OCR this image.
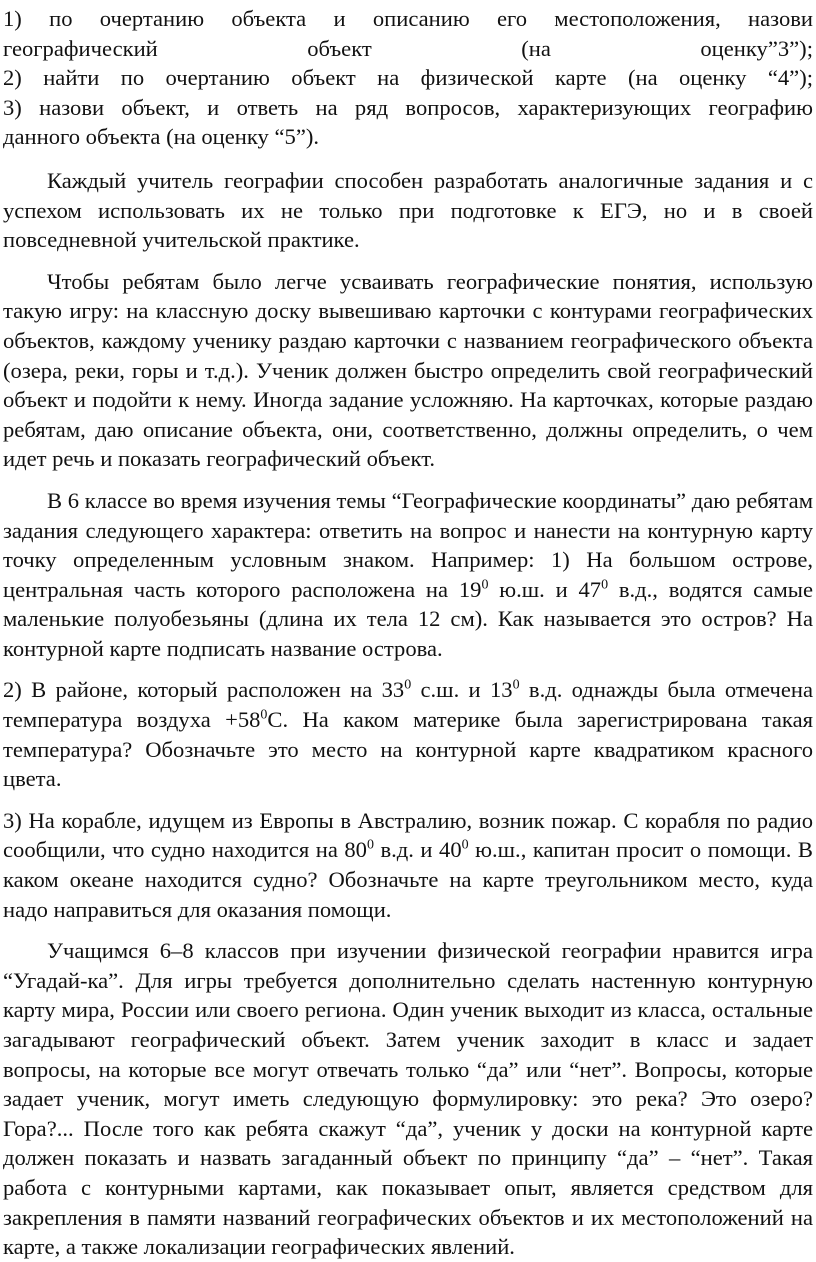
1) по очертанию объекта и описанию его местоположения, назови
географический объект (на оценку”3”);
2) найти по очертанию объект на физической карте (на оценку “4”);
3) назови объект, и ответь на ряд вопросов, характеризующих географию
данного объекта (на оценку “5”).

Каждый учитель географии способен разработать аналогичные задания и с успехом использовать их не только при подготовке к ЕГЭ, но и в своей повседневной учительской практике.

Чтобы ребятам было легче усваивать географические понятия, использую такую игру: на классную доску вывешиваю карточки с контурами географических объектов, каждому ученику раздаю карточки с названием географического объекта (озера, реки, горы и т.д.). Ученик должен быстро определить свой географический объект и подойти к нему. Иногда задание усложняю. На карточках, которые раздаю ребятам, даю описание объекта, они, соответственно, должны определить, о чем идет речь и показать географический объект.

В 6 классе во время изучения темы “Географические координаты” даю ребятам задания следующего характера: ответить на вопрос и нанести на контурную карту точку определенным условным знаком. Например: 1) На большом острове, центральная часть которого расположена на $19^0$ ю.ш. и $47^0$ в.д., водятся самые маленькие полуобезьяны (длина их тела 12 см). Как называется это остров? На контурной карте подписать название острова.

2) В районе, который расположен на $33^0$ с.ш. и $13^0$ в.д. однажды была отмечена температура воздуха $+58^0С$. На каком материке была зарегистрирована такая температура? Обозначьте это место на контурной карте квадратиком красного цвета.

3) На корабле, идущем из Европы в Австралию, возник пожар. С корабля по радио сообщили, что судно находится на $80^0$ в.д. и $40^0$ ю.ш., капитан просит о помощи. В каком океане находится судно? Обозначьте на карте треугольником место, куда надо направиться для оказания помощи.

Учащимся 6–8 классов при изучении физической географии нравится игра “Угадай-ка”. Для игры требуется дополнительно сделать настенную контурную карту мира, России или своего региона. Один ученик выходит из класса, остальные загадывают географический объект. Затем ученик заходит в класс и задает вопросы, на которые все могут отвечать только “да” или “нет”. Вопросы, которые задает ученик, могут иметь следующую формулировку: это река? Это озеро? Гора?... После того как ребята скажут “да”, ученик у доски на контурной карте должен показать и назвать загаданный объект по принципу “да” – “нет”. Такая работа с контурными картами, как показывает опыт, является средством для закрепления в памяти названий географических объектов и их местоположений на карте, а также локализации географических явлений.
